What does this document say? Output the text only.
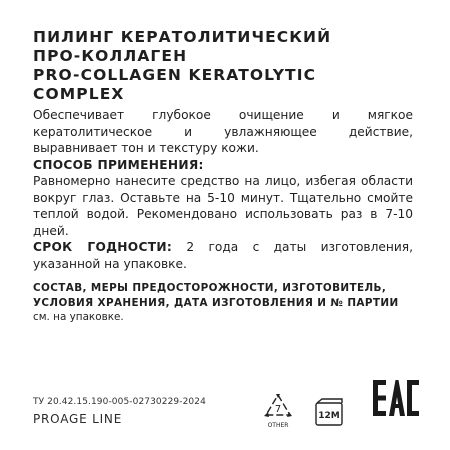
ПИЛИНГ КЕРАТОЛИТИЧЕСКИЙ
ПРО-КОЛЛАГЕН
PRO-COLLAGEN KERATOLYTIC
COMPLEX
Обеспечивает глубокое очищение и мягкое кератолитическое и увлажняющее действие, выравнивает тон и текстуру кожи.
СПОСОБ ПРИМЕНЕНИЯ:
Равномерно нанесите средство на лицо, избегая области вокруг глаз. Оставьте на 5-10 минут. Тщательно смойте теплой водой. Рекомендовано использовать раз в 7-10 дней.
СРОК ГОДНОСТИ: 2 года с даты изготовления, указанной на упаковке.
СОСТАВ, МЕРЫ ПРЕДОСТОРОЖНОСТИ, ИЗГОТОВИТЕЛЬ, УСЛОВИЯ ХРАНЕНИЯ, ДАТА ИЗГОТОВЛЕНИЯ И № ПАРТИИ см. на упаковке.
ТУ 20.42.15.190-005-02730229-2024
PROAGE LINE
7
OTHER
12M
